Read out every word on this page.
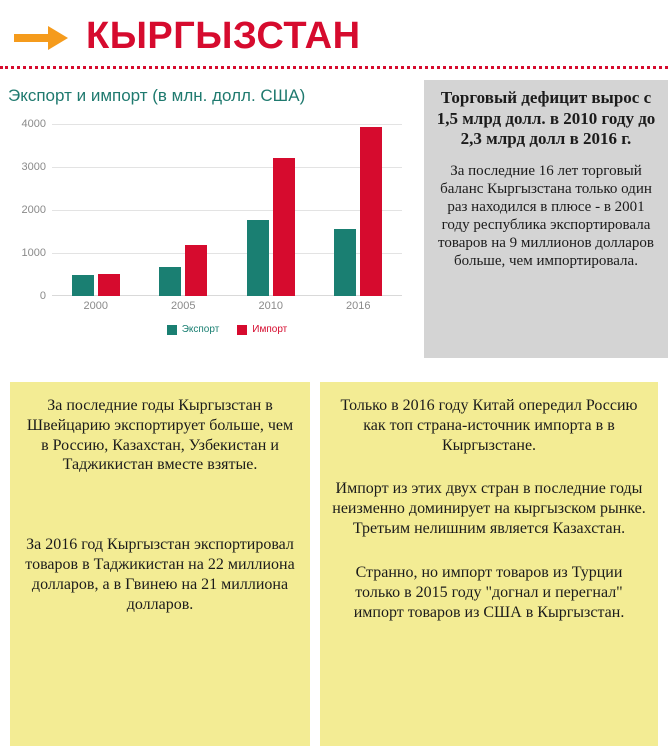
КЫРГЫЗСТАН
Экспорт и импорт (в млн. долл. США)
0
1000
2000
3000
4000
2000	2005	2010	2016
Экспорт	Импорт
Торговый дефицит вырос с 1,5 млрд долл. в 2010 году до 2,3 млрд долл в 2016 г.
За последние 16 лет торговый баланс Кыргызстана только один раз находился в плюсе - в 2001 году республика экспортировала товаров на 9 миллионов долларов больше, чем импортировала.

За последние годы Кыргызстан в Швейцарию экспортирует больше, чем в Россию, Казахстан, Узбекистан и Таджикистан вместе взятые.

За 2016 год Кыргызстан экспортировал товаров в Таджикистан на 22 миллиона долларов, а в Гвинею на 21 миллиона долларов.

Только в 2016 году Китай опередил Россию как топ страна-источник импорта в в Кыргызстане.

Импорт из этих двух стран в последние годы неизменно доминирует на кыргызском рынке. Третьим нелишним является Казахстан.

Странно, но импорт товаров из Турции только в 2015 году "догнал и перегнал" импорт товаров из США в Кыргызстан.
